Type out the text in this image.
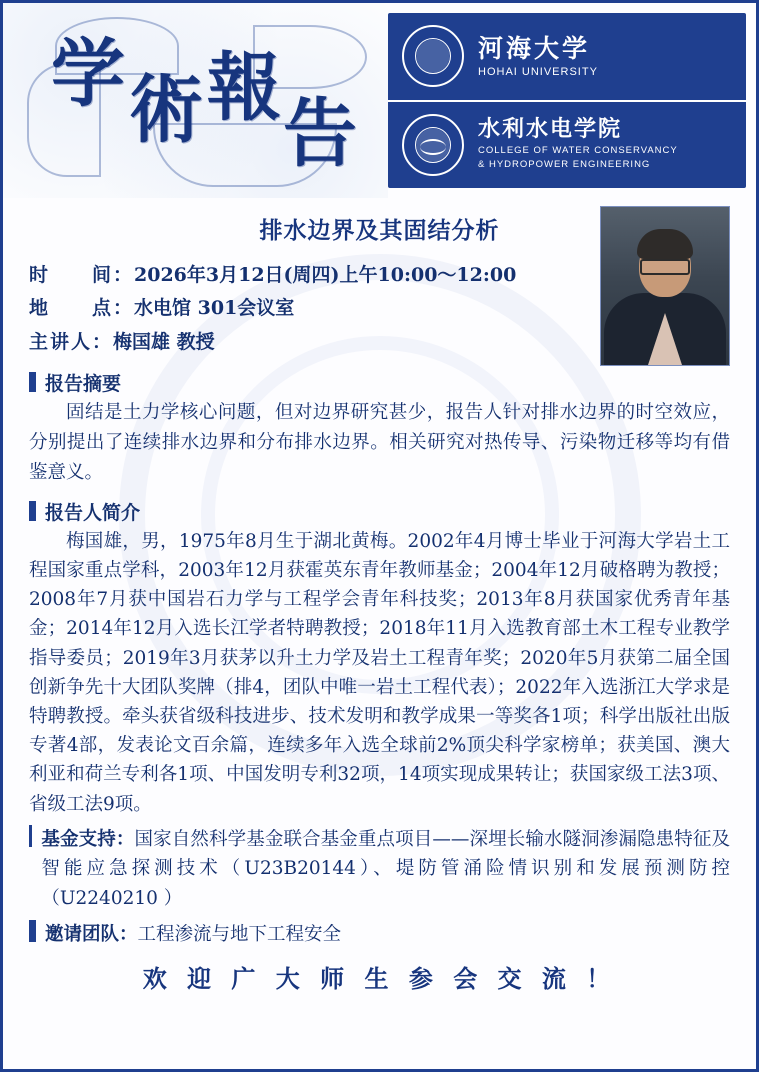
学 術 報
告
河海大学
HOHAI UNIVERSITY
水利水电学院
COLLEGE OF WATER CONSERVANCY
& HYDROPOWER ENGINEERING
排水边界及其固结分析
时　　间：2026年3月12日(周四)上午10:00～12:00
地　　点：水电馆 301会议室
主讲人：梅国雄 教授
报告摘要
固结是土力学核心问题，但对边界研究甚少，报告人针对排水边界的时空效应，分别提出了连续排水边界和分布排水边界。相关研究对热传导、污染物迁移等均有借鉴意义。
报告人简介
梅国雄，男，1975年8月生于湖北黄梅。2002年4月博士毕业于河海大学岩土工程国家重点学科，2003年12月获霍英东青年教师基金；2004年12月破格聘为教授；2008年7月获中国岩石力学与工程学会青年科技奖；2013年8月获国家优秀青年基金；2014年12月入选长江学者特聘教授；2018年11月入选教育部土木工程专业教学指导委员；2019年3月获茅以升土力学及岩土工程青年奖；2020年5月获第二届全国创新争先十大团队奖牌（排4，团队中唯一岩土工程代表）；2022年入选浙江大学求是特聘教授。牵头获省级科技进步、技术发明和教学成果一等奖各1项；科学出版社出版专著4部，发表论文百余篇，连续多年入选全球前2%顶尖科学家榜单；获美国、澳大利亚和荷兰专利各1项、中国发明专利32项，14项实现成果转让；获国家级工法3项、省级工法9项。
基金支持：国家自然科学基金联合基金重点项目——深埋长输水隧洞渗漏隐患特征及智能应急探测技术（U23B20144）、堤防管涌险情识别和发展预测防控（U2240210 ）
邀请团队：工程渗流与地下工程安全
欢 迎 广 大 师 生 参 会 交 流 ！
